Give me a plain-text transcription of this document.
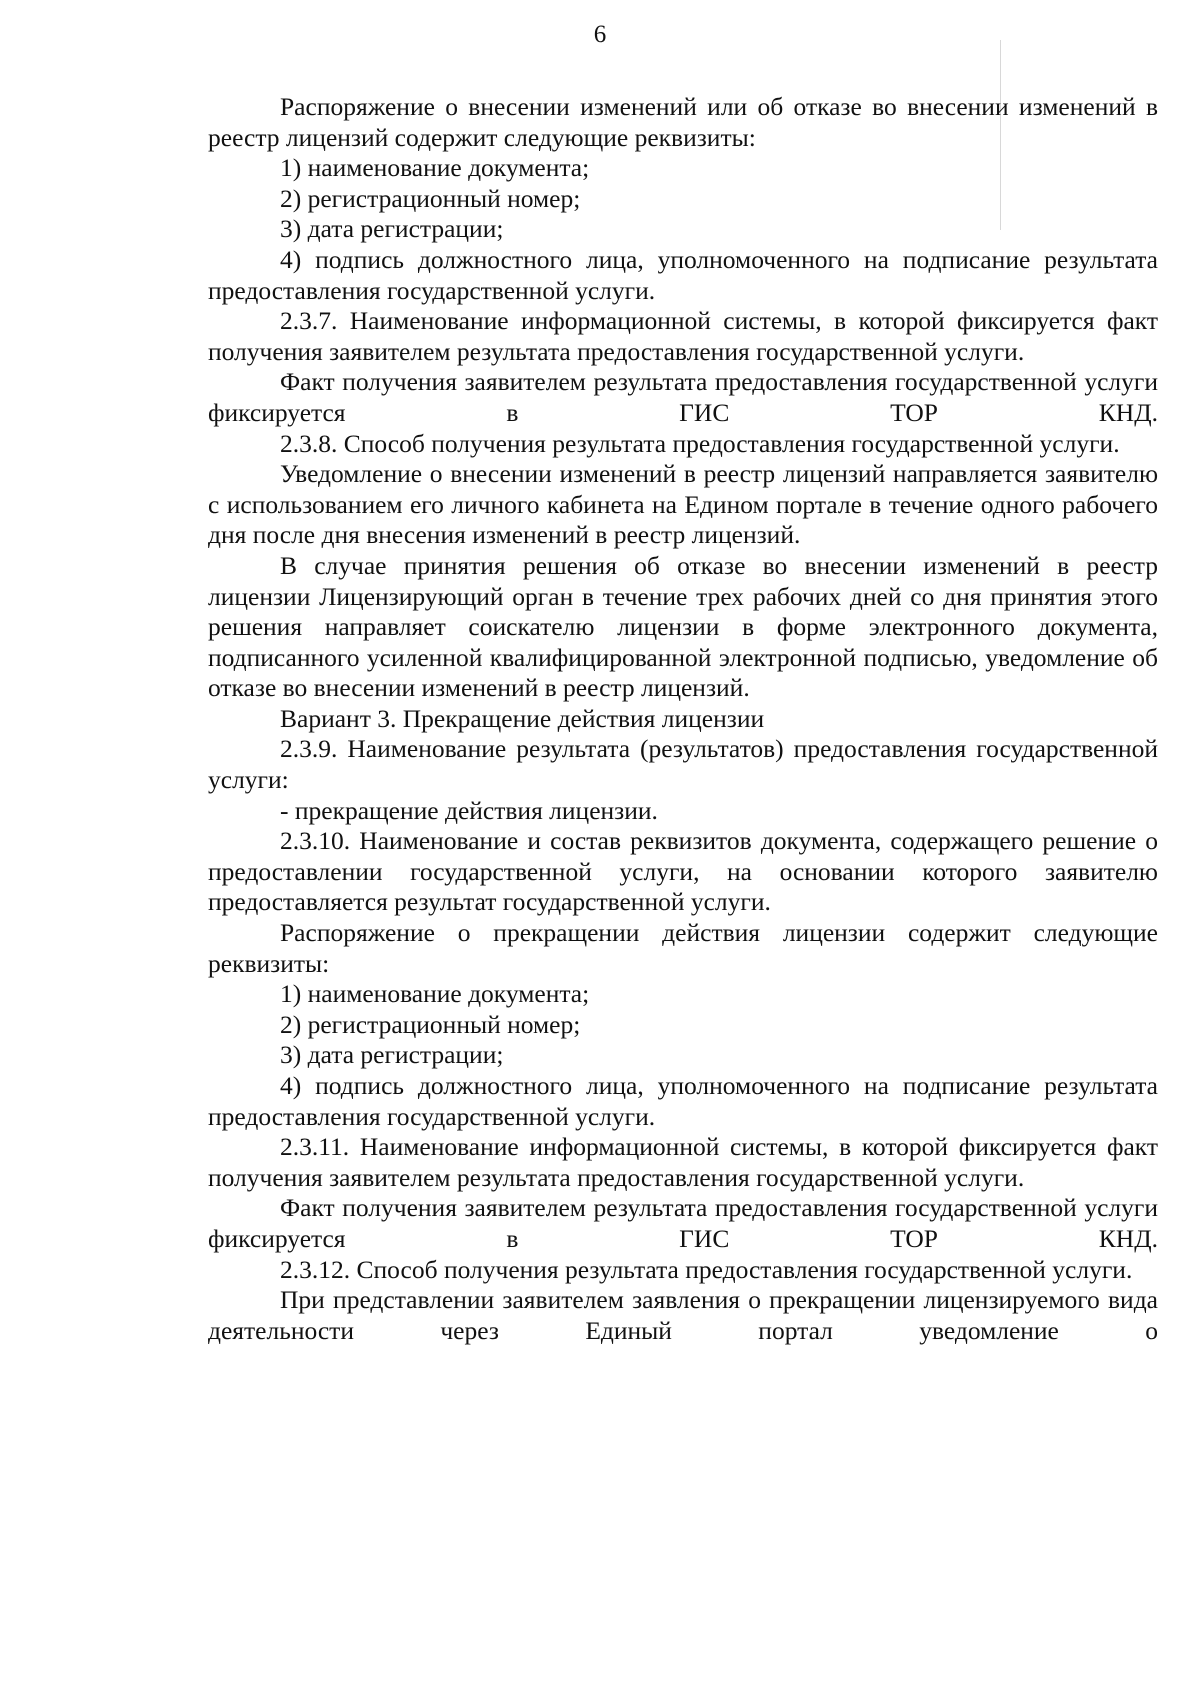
6

Распоряжение о внесении изменений или об отказе во внесении изменений в реестр лицензий содержит следующие реквизиты:

1) наименование документа;

2) регистрационный номер;

3) дата регистрации;

4) подпись должностного лица, уполномоченного на подписание результата предоставления государственной услуги.

2.3.7. Наименование информационной системы, в которой фиксируется факт получения заявителем результата предоставления государственной услуги.

Факт получения заявителем результата предоставления государственной услуги фиксируется в ГИС ТОР КНД.

2.3.8. Способ получения результата предоставления государственной услуги.

Уведомление о внесении изменений в реестр лицензий направляется заявителю с использованием его личного кабинета на Едином портале в течение одного рабочего дня после дня внесения изменений в реестр лицензий.

В случае принятия решения об отказе во внесении изменений в реестр лицензии Лицензирующий орган в течение трех рабочих дней со дня принятия этого решения направляет соискателю лицензии в форме электронного документа, подписанного усиленной квалифицированной электронной подписью, уведомление об отказе во внесении изменений в реестр лицензий.

Вариант 3. Прекращение действия лицензии

2.3.9. Наименование результата (результатов) предоставления государственной услуги:

- прекращение действия лицензии.

2.3.10. Наименование и состав реквизитов документа, содержащего решение о предоставлении государственной услуги, на основании которого заявителю предоставляется результат государственной услуги.

Распоряжение о прекращении действия лицензии содержит следующие реквизиты:

1) наименование документа;

2) регистрационный номер;

3) дата регистрации;

4) подпись должностного лица, уполномоченного на подписание результата предоставления государственной услуги.

2.3.11. Наименование информационной системы, в которой фиксируется факт получения заявителем результата предоставления государственной услуги.

Факт получения заявителем результата предоставления государственной услуги фиксируется в ГИС ТОР КНД.

2.3.12. Способ получения результата предоставления государственной услуги.

При представлении заявителем заявления о прекращении лицензируемого вида деятельности через Единый портал уведомление о
